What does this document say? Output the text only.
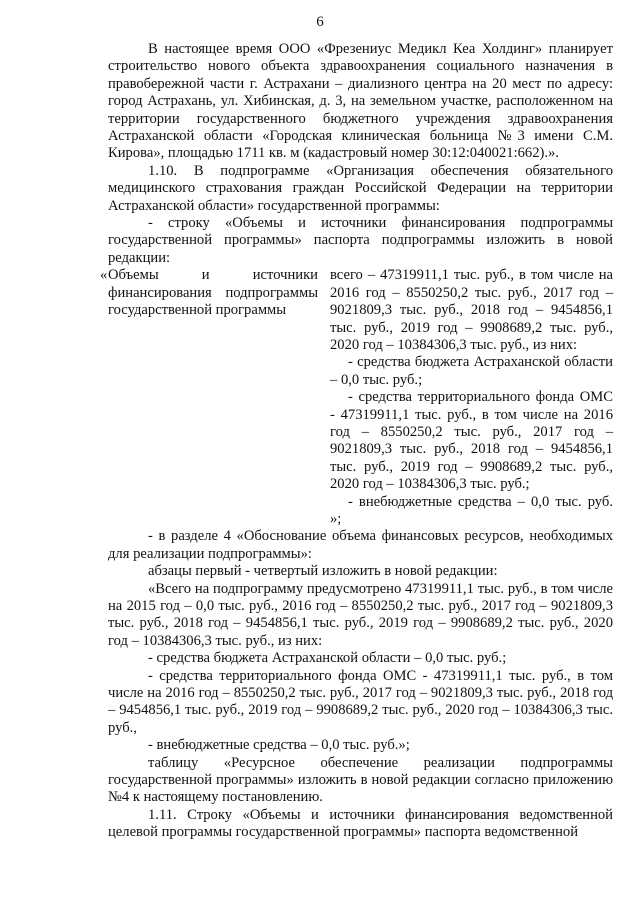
6

В настоящее время ООО «Фрезениус Медикл Кеа Холдинг» планирует строительство нового объекта здравоохранения социального назначения в правобережной части г. Астрахани – диализного центра на 20 мест по адресу: город Астрахань, ул. Хибинская, д. 3, на земельном участке, расположенном на территории государственного бюджетного учреждения здравоохранения Астраханской области «Городская клиническая больница №3 имени С.М. Кирова», площадью 1711 кв. м (кадастровый номер 30:12:040021:662).».

1.10. В подпрограмме «Организация обеспечения обязательного медицинского страхования граждан Российской Федерации на территории Астраханской области» государственной программы:

- строку «Объемы и источники финансирования подпрограммы государственной программы» паспорта подпрограммы изложить в новой редакции:

« Объемы и источники финансирования подпрограммы государственной программы

всего – 47319911,1 тыс. руб., в том числе на 2016 год – 8550250,2 тыс. руб., 2017 год – 9021809,3 тыс. руб., 2018 год – 9454856,1 тыс. руб., 2019 год – 9908689,2 тыс. руб., 2020 год – 10384306,3 тыс. руб., из них:

- средства бюджета Астраханской области – 0,0 тыс. руб.;

- средства территориального фонда ОМС - 47319911,1 тыс. руб., в том числе на 2016 год – 8550250,2 тыс. руб., 2017 год – 9021809,3 тыс. руб., 2018 год – 9454856,1 тыс. руб., 2019 год – 9908689,2 тыс. руб., 2020 год – 10384306,3 тыс. руб.;

- внебюджетные средства – 0,0 тыс. руб. »;

- в разделе 4 «Обоснование объема финансовых ресурсов, необходимых для реализации подпрограммы»:

абзацы первый - четвертый изложить в новой редакции:

«Всего на подпрограмму предусмотрено 47319911,1 тыс. руб., в том числе на 2015 год – 0,0 тыс. руб., 2016 год – 8550250,2 тыс. руб., 2017 год – 9021809,3 тыс. руб., 2018 год – 9454856,1 тыс. руб., 2019 год – 9908689,2 тыс. руб., 2020 год – 10384306,3 тыс. руб., из них:

- средства бюджета Астраханской области – 0,0 тыс. руб.;

- средства территориального фонда ОМС - 47319911,1 тыс. руб., в том числе на 2016 год – 8550250,2 тыс. руб., 2017 год – 9021809,3 тыс. руб., 2018 год – 9454856,1 тыс. руб., 2019 год – 9908689,2 тыс. руб., 2020 год – 10384306,3 тыс. руб.,

- внебюджетные средства – 0,0 тыс. руб.»;

таблицу «Ресурсное обеспечение реализации подпрограммы государственной программы» изложить в новой редакции согласно приложению №4 к настоящему постановлению.

1.11. Строку «Объемы и источники финансирования ведомственной целевой программы государственной программы» паспорта ведомственной
